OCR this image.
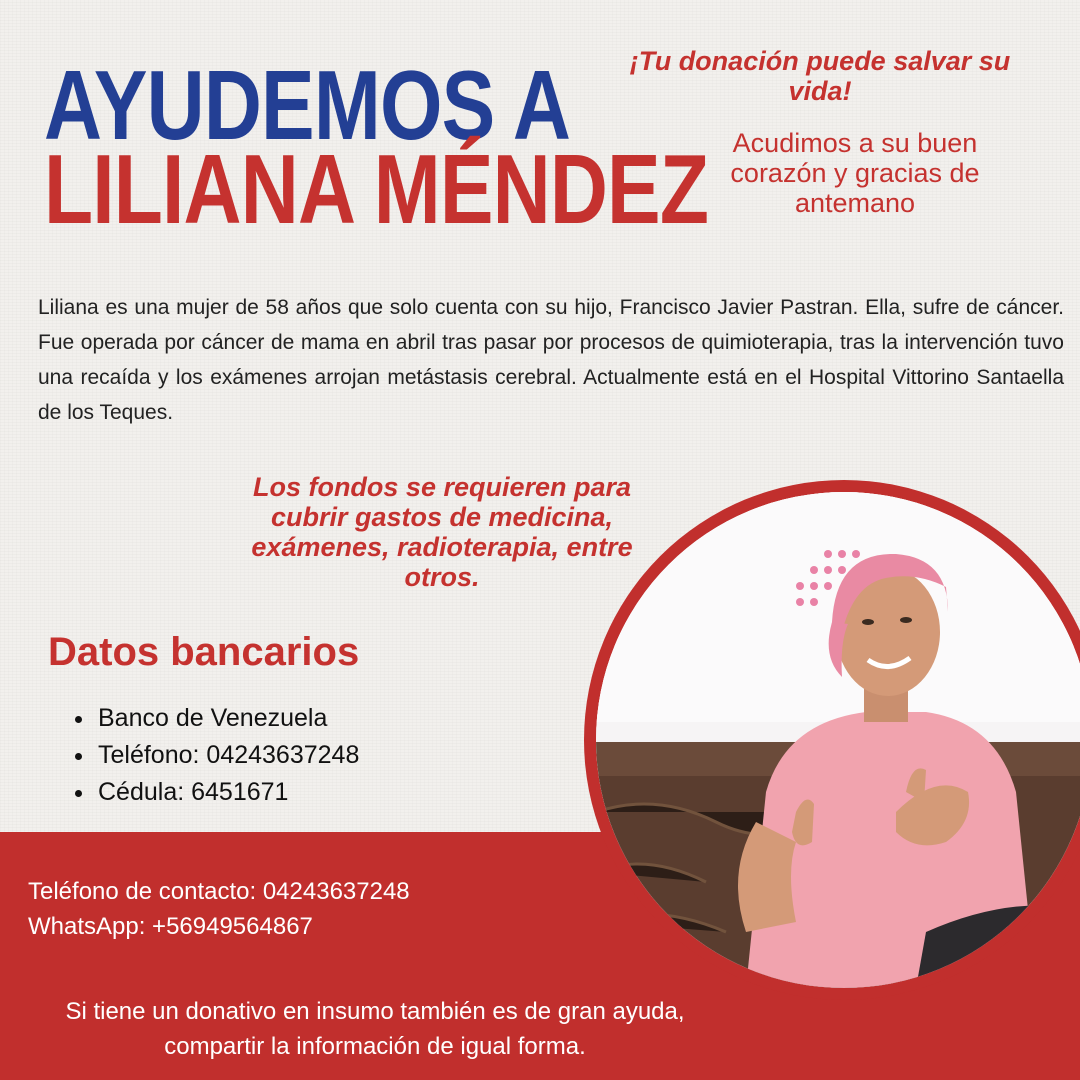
AYUDEMOS A
LILIANA MÉNDEZ

¡Tu donación puede salvar su vida!

Acudimos a su buen corazón y gracias de antemano

Liliana es una mujer de 58 años que solo cuenta con su hijo, Francisco Javier Pastran. Ella, sufre de cáncer. Fue operada por cáncer de mama en abril tras pasar por procesos de quimioterapia, tras la intervención tuvo una recaída y los exámenes arrojan metástasis cerebral. Actualmente está en el Hospital Vittorino Santaella de los Teques.

Los fondos se requieren para cubrir gastos de medicina, exámenes, radioterapia, entre otros.

Datos bancarios
• Banco de Venezuela
• Teléfono: 04243637248
• Cédula: 6451671
Teléfono de contacto: 04243637248
WhatsApp: +56949564867

Si tiene un donativo en insumo también es de gran ayuda, compartir la información de igual forma.
